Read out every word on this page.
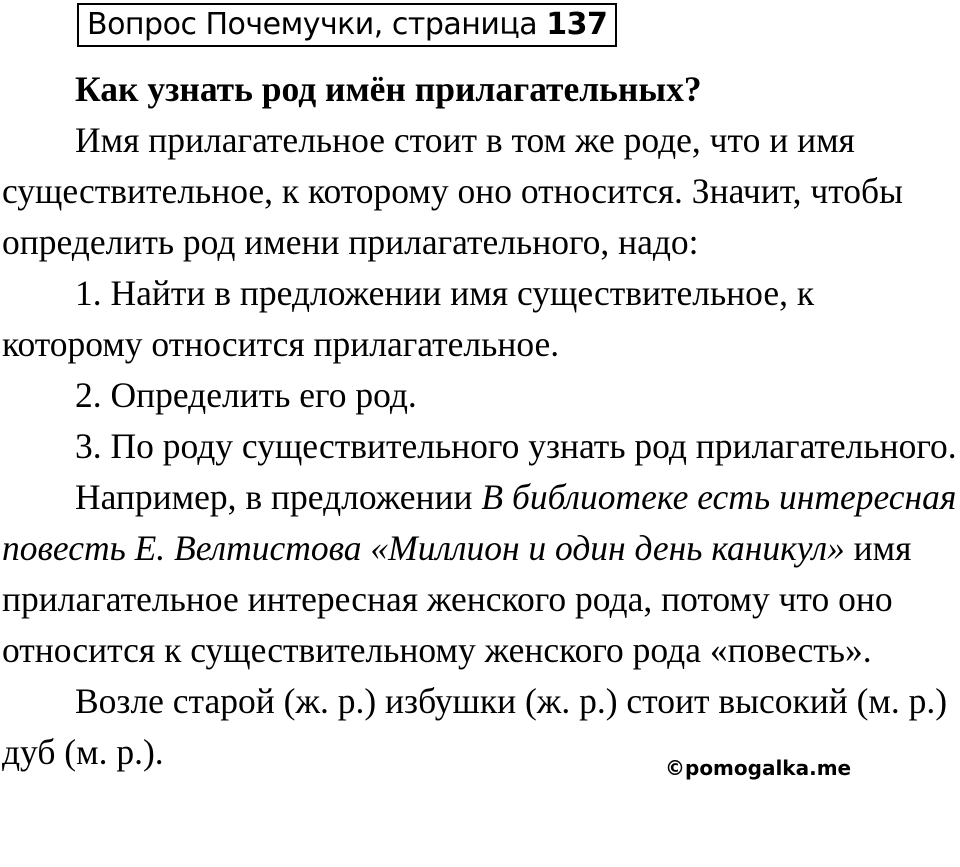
Вопрос Почемучки, страница 137

Как узнать род имён прилагательных?

Имя прилагательное стоит в том же роде, что и имя существительное, к которому оно относится. Значит, чтобы определить род имени прилагательного, надо:

1. Найти в предложении имя существительное, к которому относится прилагательное.

2. Определить его род.

3. По роду существительного узнать род прилагательного.

Например, в предложении В библиотеке есть интересная повесть Е. Велтистова «Миллион и один день каникул» имя прилагательное интересная женского рода, потому что оно относится к существительному женского рода «повесть».

Возле старой (ж. р.) избушки (ж. р.) стоит высокий (м. р.) дуб (м. р.).	©pomogalka.me
